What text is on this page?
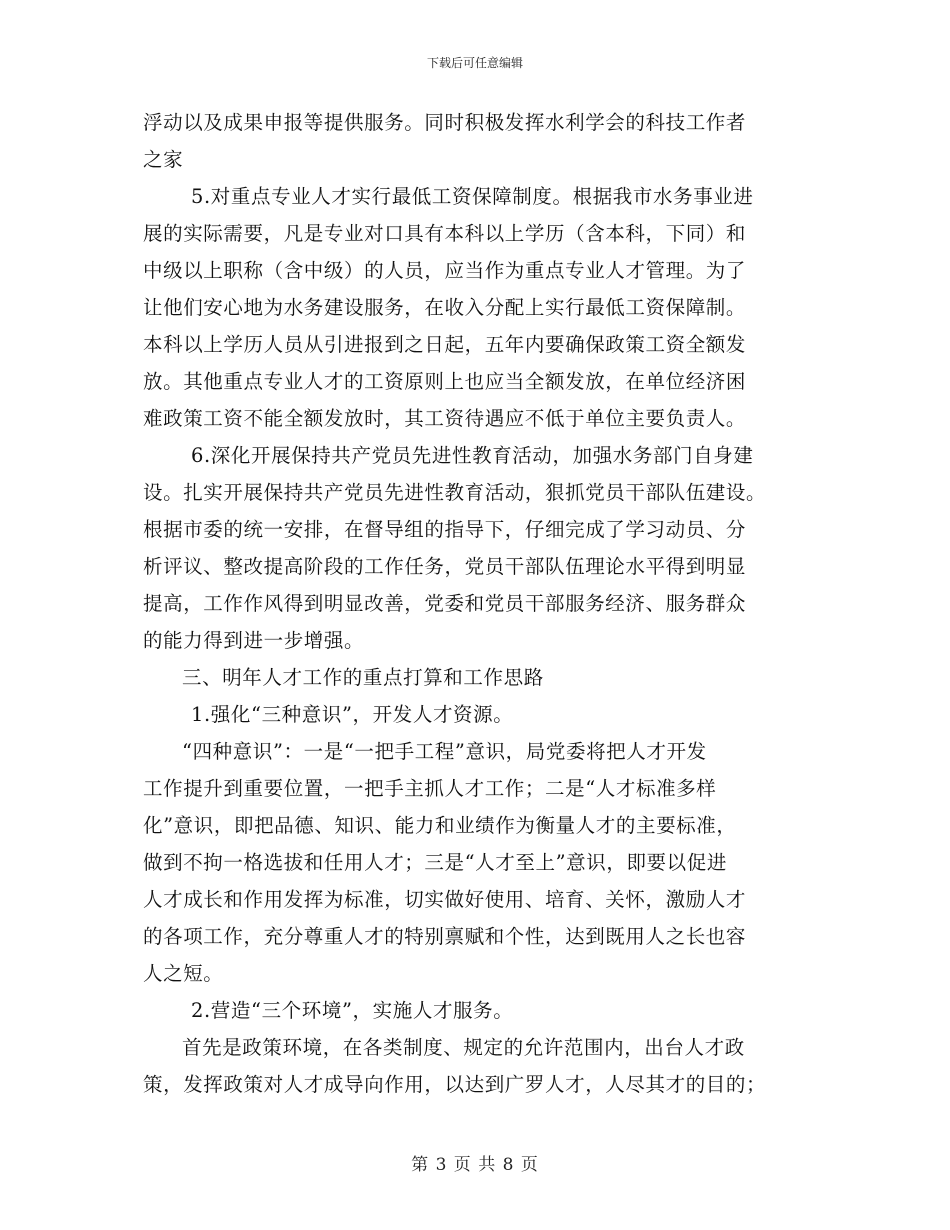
下载后可任意编辑
浮动以及成果申报等提供服务。同时积极发挥水利学会的科技工作者
之家
5.对重点专业人才实行最低工资保障制度。根据我市水务事业进
展的实际需要，凡是专业对口具有本科以上学历（含本科，下同）和
中级以上职称（含中级）的人员，应当作为重点专业人才管理。为了
让他们安心地为水务建设服务，在收入分配上实行最低工资保障制。
本科以上学历人员从引进报到之日起，五年内要确保政策工资全额发
放。其他重点专业人才的工资原则上也应当全额发放，在单位经济困
难政策工资不能全额发放时，其工资待遇应不低于单位主要负责人。
6.深化开展保持共产党员先进性教育活动，加强水务部门自身建
设。扎实开展保持共产党员先进性教育活动，狠抓党员干部队伍建设。
根据市委的统一安排，在督导组的指导下，仔细完成了学习动员、分
析评议、整改提高阶段的工作任务，党员干部队伍理论水平得到明显
提高，工作作风得到明显改善，党委和党员干部服务经济、服务群众
的能力得到进一步增强。
三、明年人才工作的重点打算和工作思路
1.强化“三种意识”，开发人才资源。
“四种意识”：一是“一把手工程”意识，局党委将把人才开发
工作提升到重要位置，一把手主抓人才工作；二是“人才标准多样
化”意识，即把品德、知识、能力和业绩作为衡量人才的主要标准，
做到不拘一格选拔和任用人才；三是“人才至上”意识，即要以促进
人才成长和作用发挥为标准，切实做好使用、培育、关怀，激励人才
的各项工作，充分尊重人才的特别禀赋和个性，达到既用人之长也容
人之短。
2.营造“三个环境”，实施人才服务。
首先是政策环境，在各类制度、规定的允许范围内，出台人才政
策，发挥政策对人才成导向作用，以达到广罗人才，人尽其才的目的；
第 3 页 共 8 页
